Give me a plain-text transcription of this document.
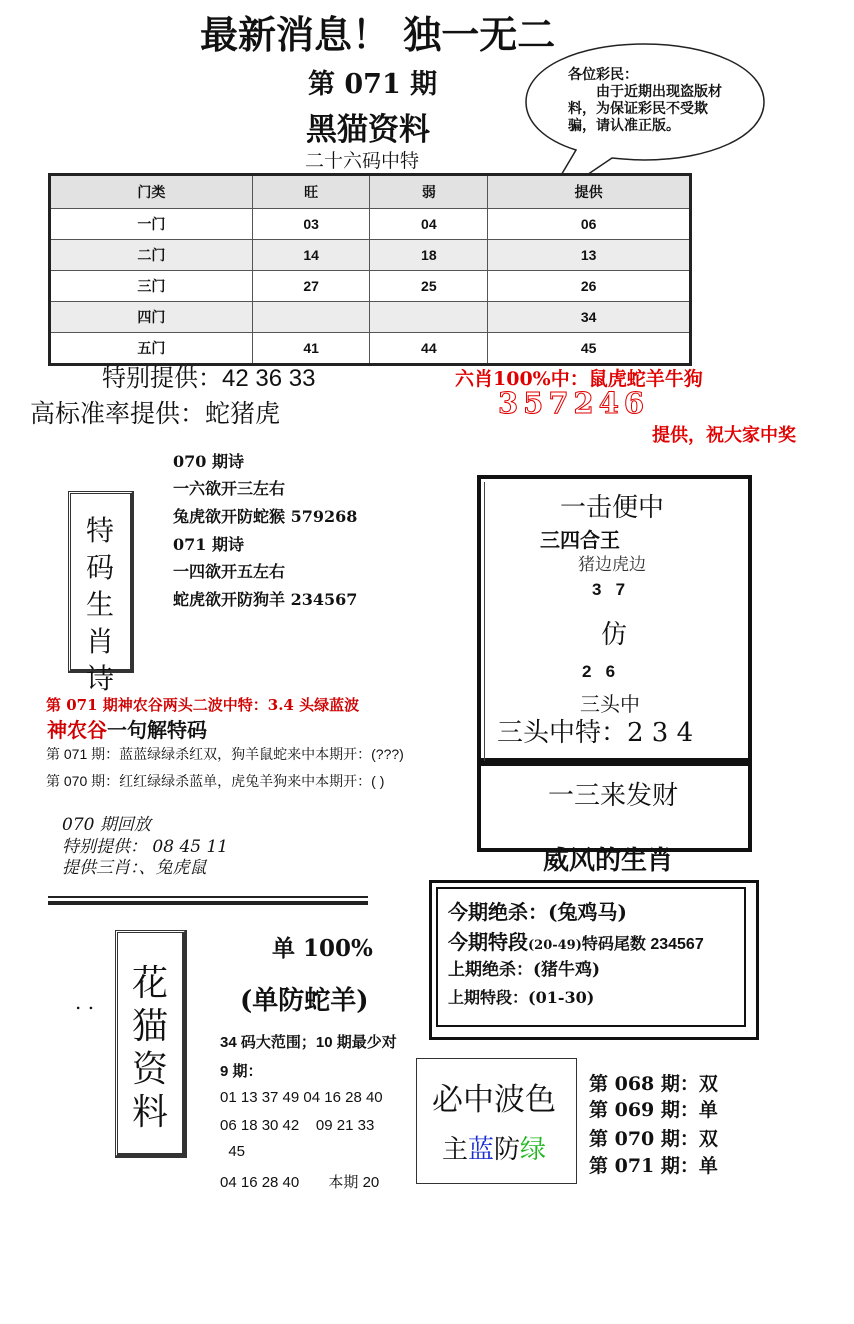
最新消息！ 独一无二
第 071 期
黑猫资料
二十六码中特
各位彩民：
由于近期出现盗版材料，为保证彩民不受欺骗，请认准正版。
门类	旺	弱	提供
一门	03	04	06
二门	14	18	13
三门	27	25	26
四门			34
五门	41	44	45
特别提供：42 36 33
高标准率提供：蛇猪虎
六肖100%中：鼠虎蛇羊牛狗
357246
提供，祝大家中奖
特码生肖诗
070 期诗
一六欲开三左右
兔虎欲开防蛇猴 579268
071 期诗
一四欲开五左右
蛇虎欲开防狗羊 234567
一击便中
三四合王
猪边虎边
3   7
仿
2   6
三头中
三头中特：2 3 4
一三来发财
威风的生肖
今期绝杀：(兔鸡马)
今期特段(20-49)特码尾数 234567
上期绝杀：(猪牛鸡)
上期特段：(01-30)
第 071 期神农谷两头二波中特：3.4 头绿蓝波
神农谷一句解特码
第 071 期：蓝蓝绿绿杀红双，狗羊鼠蛇来中本期开：(???)
第 070 期：红红绿绿杀蓝单，虎兔羊狗来中本期开：( )
070 期回放
特别提供： 08 45 11
提供三肖：、兔虎鼠
花猫资料
. .
单 100%
(单防蛇羊)
34 码大范围；10 期最少对
9 期：
01 13 37 49 04 16 28 40
06 18 30 42    09 21 33
45
04 16 28 40       本期 20
必中波色
主蓝防绿
第 068 期：双
第 069 期：单
第 070 期：双
第 071 期：单
